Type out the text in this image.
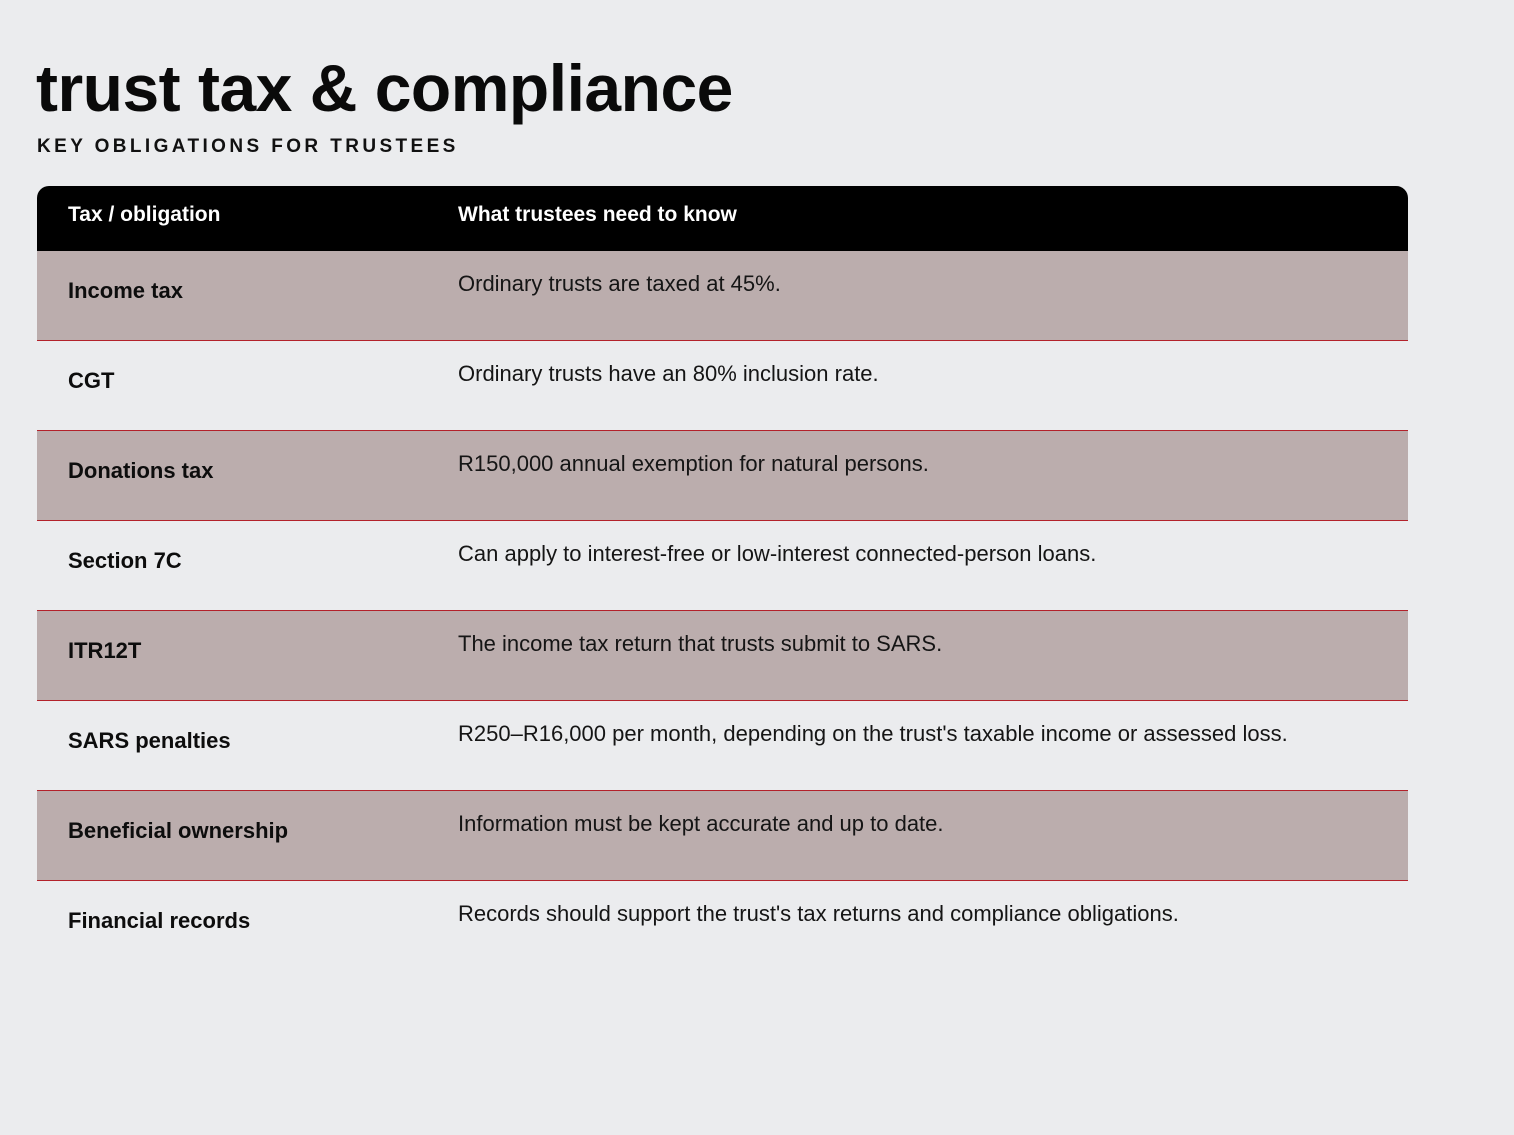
trust tax & compliance
KEY OBLIGATIONS FOR TRUSTEES
Tax / obligation	What trustees need to know
Income tax	Ordinary trusts are taxed at 45%.
CGT	Ordinary trusts have an 80% inclusion rate.
Donations tax	R150,000 annual exemption for natural persons.
Section 7C	Can apply to interest-free or low-interest connected-person loans.
ITR12T	The income tax return that trusts submit to SARS.
SARS penalties	R250–R16,000 per month, depending on the trust's taxable income or assessed loss.
Beneficial ownership	Information must be kept accurate and up to date.
Financial records	Records should support the trust's tax returns and compliance obligations.
